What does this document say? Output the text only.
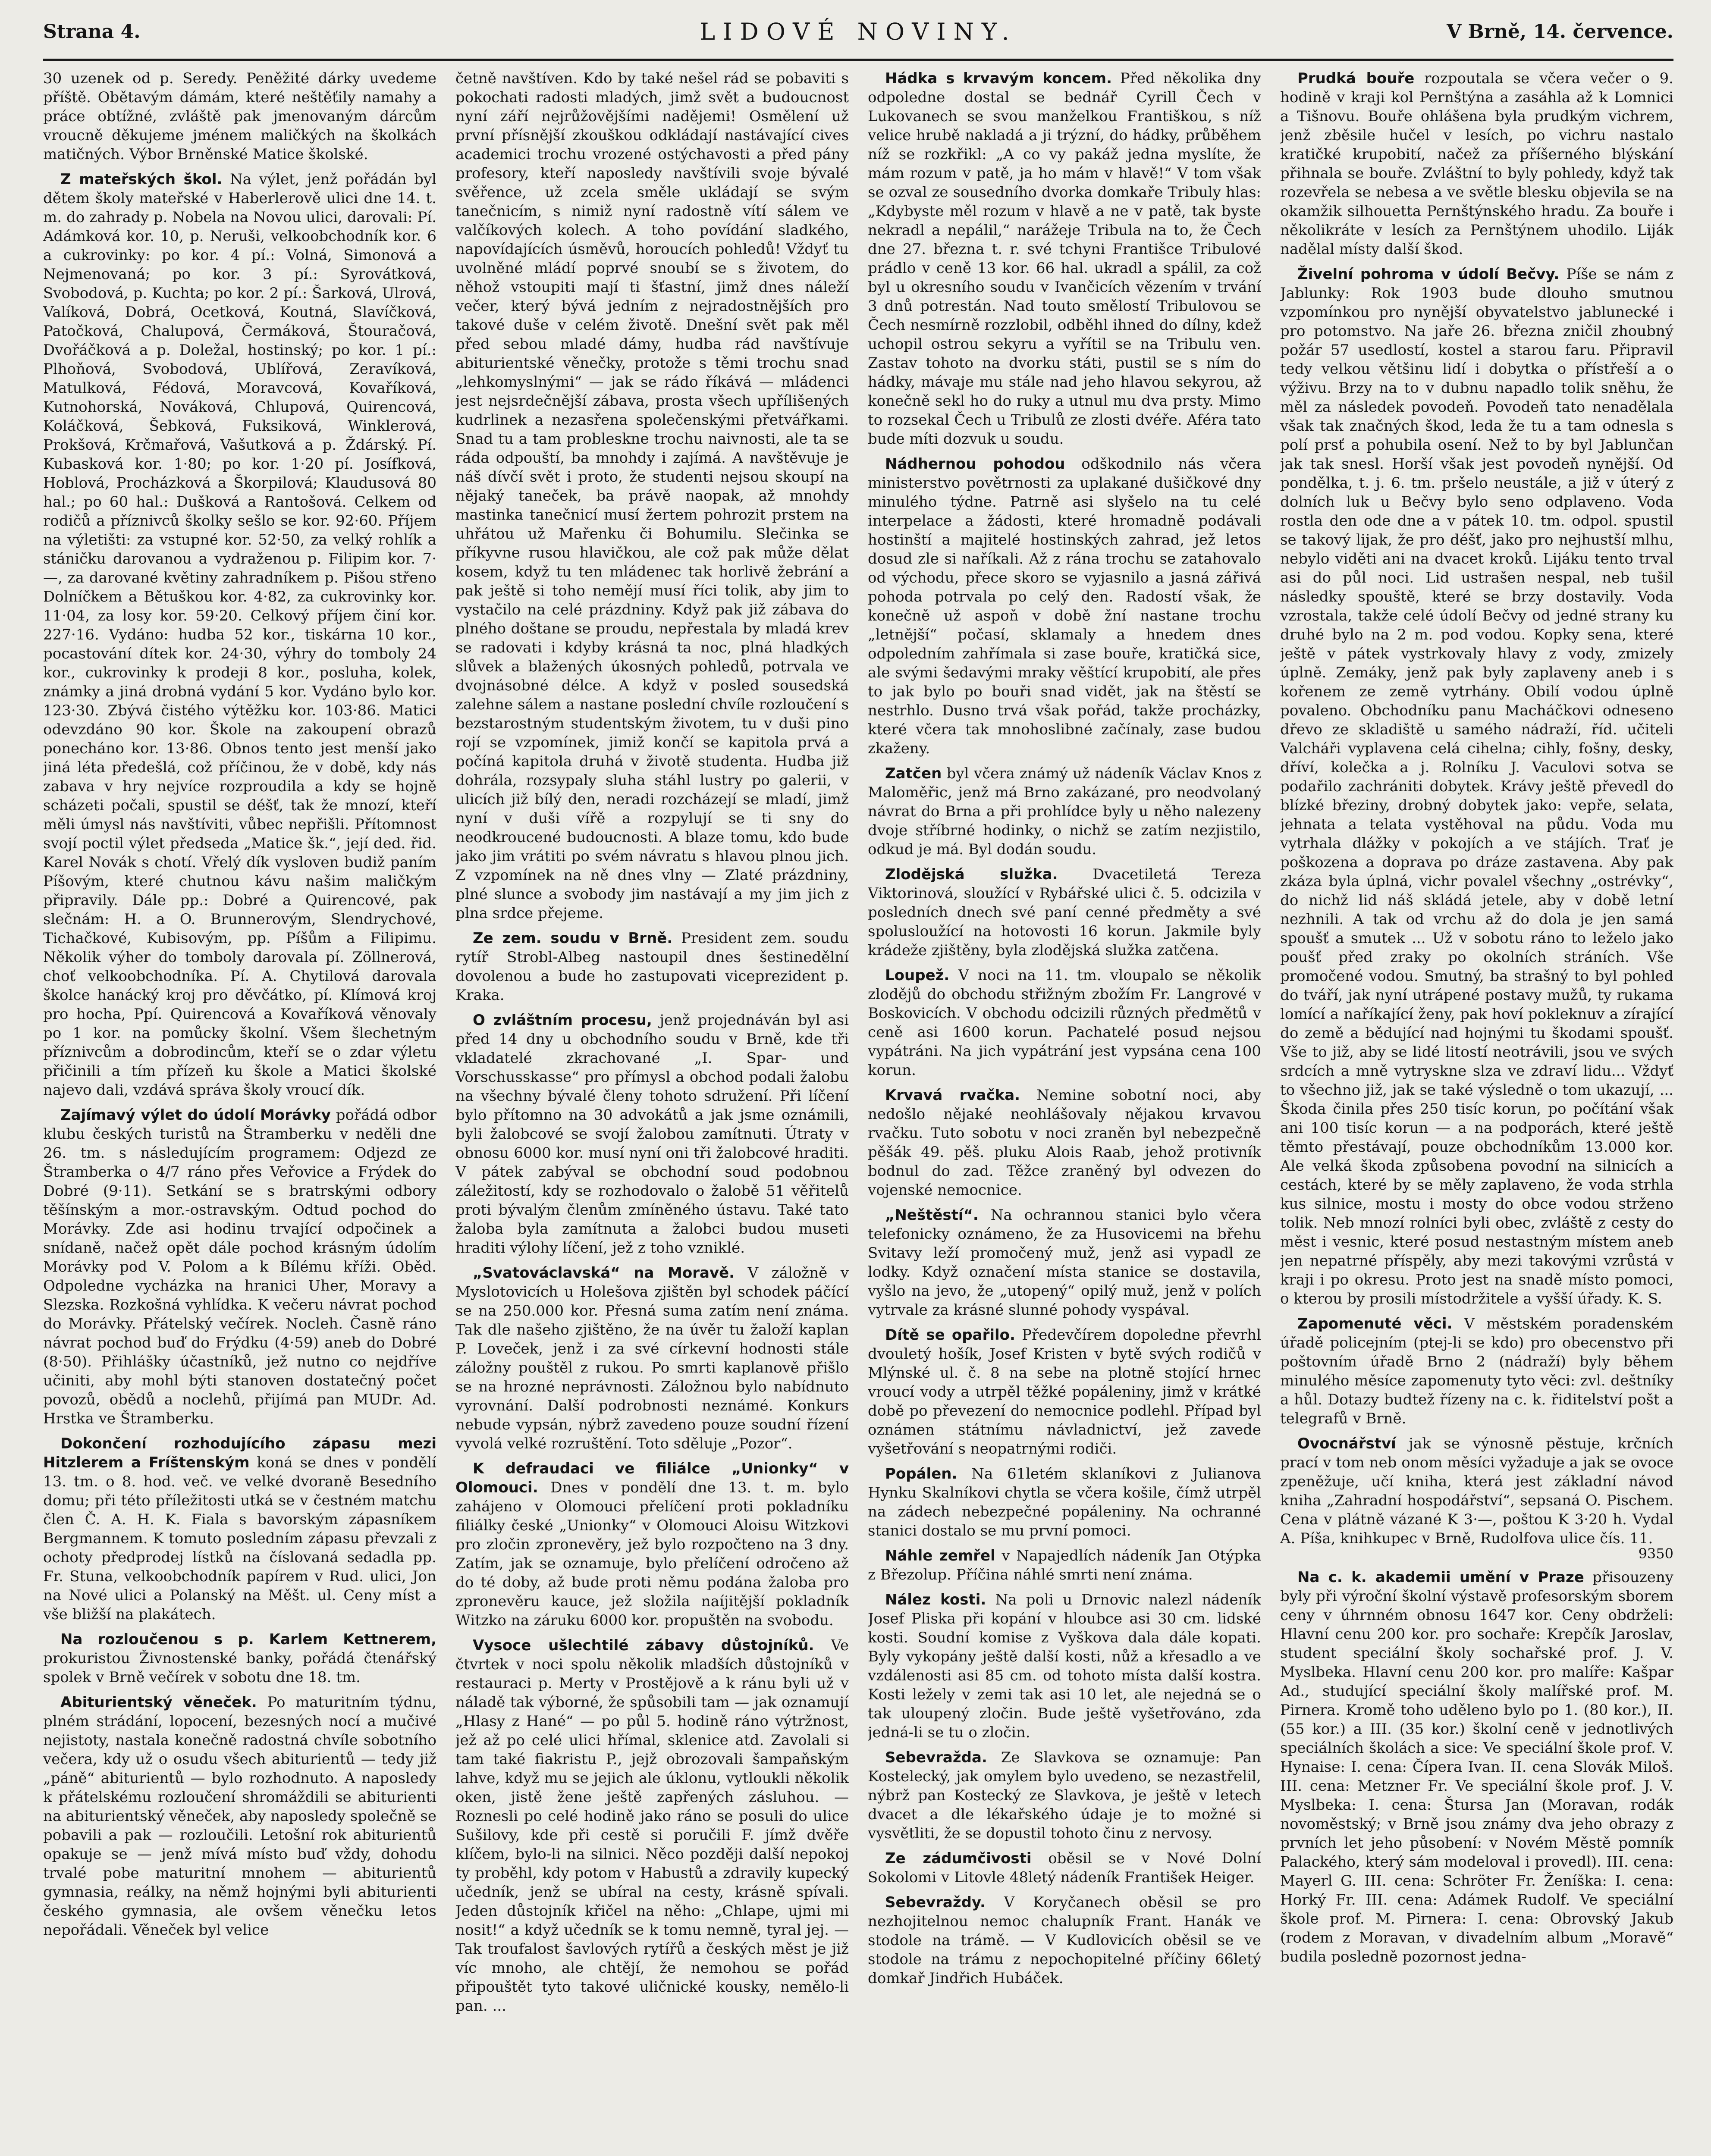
Strana 4.	LIDOVÉ NOVINY.	V Brně, 14. července.

30 uzenek od p. Seredy. Peněžité dárky uvedeme příště. Obětavým dámám, které neštěťily namahy a práce obtížné, zvláště pak jmenovaným dárcům vroucně děkujeme jménem maličkých na školkách matičných. Výbor Brněnské Matice školské.

Z mateřských škol. Na výlet, jenž pořádán byl dětem školy mateřské v Haberlerově ulici dne 14. t. m. do zahrady p. Nobela na Novou ulici, darovali: Pí. Adámková kor. 10, p. Neruši, velkoobchodník kor. 6 a cukrovinky: po kor. 4 pí.: Volná, Simonová a Nejmenovaná; po kor. 3 pí.: Syrovátková, Svobodová, p. Kuchta; po kor. 2 pí.: Šarková, Ulrová, Valíková, Dobrá, Ocetková, Koutná, Slavíčková, Patočková, Chalupová, Čermáková, Štouračová, Dvořáčková a p. Doležal, hostinský; po kor. 1 pí.: Plhoňová, Svobodová, Ublířová, Zeravíková, Matulková, Fédová, Moravcová, Kovaříková, Kutnohorská, Nováková, Chlupová, Quirencová, Koláčková, Šebková, Fuksiková, Winklerová, Prokšová, Krčmařová, Vašutková a p. Ždárský. Pí. Kubasková kor. 1·80; po kor. 1·20 pí. Josífková, Hoblová, Procházková a Škorpilová; Klaudusová 80 hal.; po 60 hal.: Dušková a Rantošová. Celkem od rodičů a příznivců školky sešlo se kor. 92·60. Příjem na výletišti: za vstupné kor. 52·50, za velký rohlík a stáničku darovanou a vydraženou p. Filipim kor. 7·—, za darované květiny zahradníkem p. Pišou střeno Dolníčkem a Bětuškou kor. 4·82, za cukrovinky kor. 11·04, za losy kor. 59·20. Celkový příjem činí kor. 227·16. Vydáno: hudba 52 kor., tiskárna 10 kor., pocastování dítek kor. 24·30, výhry do tomboly 24 kor., cukrovinky k prodeji 8 kor., posluha, kolek, známky a jiná drobná vydání 5 kor. Vydáno bylo kor. 123·30. Zbývá čistého výtěžku kor. 103·86. Matici odevzdáno 90 kor. Škole na zakoupení obrazů ponecháno kor. 13·86. Obnos tento jest menší jako jiná léta předešlá, což příčinou, že v době, kdy nás zabava v hry nejvíce rozproudila a kdy se hojně scházeti počali, spustil se déšť, tak že mnozí, kteří měli úmysl nás navštíviti, vůbec nepřišli. Přítomnost svojí poctil výlet předseda „Matice šk.“, její ded. řid. Karel Novák s chotí. Vřelý dík vysloven budiž paním Píšovým, které chutnou kávu našim maličkým připravily. Dále pp.: Dobré a Quirencové, pak slečnám: H. a O. Brunnerovým, Slendrychové, Tichačkové, Kubisovým, pp. Píšům a Filipimu. Několik výher do tomboly darovala pí. Zöllnerová, choť velkoobchodníka. Pí. A. Chytilová darovala školce hanácký kroj pro děvčátko, pí. Klímová kroj pro hocha, Ppí. Quirencová a Kovaříková věnovaly po 1 kor. na pomůcky školní. Všem šlechetným příznivcům a dobrodincům, kteří se o zdar výletu přičinili a tím přízeň ku škole a Matici školské najevo dali, vzdává správa školy vroucí dík.

Zajímavý výlet do údolí Morávky pořádá odbor klubu českých turistů na Štramberku v neděli dne 26. tm. s následujícím programem: Odjezd ze Štramberka o 4/7 ráno přes Veřovice a Frýdek do Dobré (9·11). Setkání se s bratrskými odbory těšínským a mor.-ostravským. Odtud pochod do Morávky. Zde asi hodinu trvající odpočinek a snídaně, načež opět dále pochod krásným údolím Morávky pod V. Polom a k Bílému kříži. Oběd. Odpoledne vycházka na hranici Uher, Moravy a Slezska. Rozkošná vyhlídka. K večeru návrat pochod do Morávky. Přátelský večírek. Nocleh. Časně ráno návrat pochod buď do Frýdku (4·59) aneb do Dobré (8·50). Přihlášky účastníků, jež nutno co nejdříve učiniti, aby mohl býti stanoven dostatečný počet povozů, obědů a noclehů, přijímá pan MUDr. Ad. Hrstka ve Štramberku.

Dokončení rozhodujícího zápasu mezi Hitzlerem a Fríštenským koná se dnes v pondělí 13. tm. o 8. hod. več. ve velké dvoraně Besedního domu; při této příležitosti utká se v čestném matchu člen Č. A. H. K. Fiala s bavorským zápasníkem Bergmannem. K tomuto posledním zápasu převzali z ochoty předprodej lístků na číslovaná sedadla pp. Fr. Stuna, velkoobchodník papírem v Rud. ulici, Jon na Nové ulici a Polanský na Měšt. ul. Ceny míst a vše bližší na plakátech.

Na rozloučenou s p. Karlem Kettnerem, prokuristou Živnostenské banky, pořádá čtenářský spolek v Brně večírek v sobotu dne 18. tm.

Abiturientský věneček. Po maturitním týdnu, plném strádání, lopocení, bezesných nocí a mučivé nejistoty, nastala konečně radostná chvíle sobotního večera, kdy už o osudu všech abiturientů — tedy již „páně“ abiturientů — bylo rozhodnuto. A naposledy k přátelskému rozloučení shromáždili se abiturienti na abiturientský věneček, aby naposledy společně se pobavili a pak — rozloučili. Letošní rok abiturientů opakuje se — jenž mívá místo buď vždy, dohodu trvalé pobe maturitní mnohem — abiturientů gymnasia, reálky, na němž hojnými byli abiturienti českého gymnasia, ale ovšem věnečku letos nepořádali. Věneček byl velice

četně navštíven. Kdo by také nešel rád se pobaviti s pokochati radosti mladých, jimž svět a budoucnost nyní září nejrůžovějšími nadějemi! Osmělení už první přísnější zkouškou odkládají nastávající cives academici trochu vrozené ostýchavosti a před pány profesory, kteří naposledy navštívili svoje bývalé svěřence, už zcela směle ukládají se svým tanečnicím, s nimiž nyní radostně vítí sálem ve valčíkových kolech. A toho povídání sladkého, napovídajících úsměvů, horoucích pohledů! Vždyť tu uvolněné mládí poprvé snoubí se s životem, do něhož vstoupiti mají ti šťastní, jimž dnes náleží večer, který bývá jedním z nejradostnějších pro takové duše v celém životě. Dnešní svět pak měl před sebou mladé dámy, hudba rád navštívuje abiturientské věnečky, protože s těmi trochu snad „lehkomyslnými“ — jak se rádo říkává — mládenci jest nejsrdečnější zábava, prosta všech upřílišených kudrlinek a nezasřena společenskými přetvářkami. Snad tu a tam problesknе trochu naivnosti, ale ta se ráda odpouští, ba mnohdy i zajímá. A navštěvuje je náš dívčí svět i proto, že studenti nejsou skoupí na nějaký taneček, ba právě naopak, až mnohdy mastinka tanečnicí musí žertem pohrozit prstem na uhřátou už Mařenku či Bohumilu. Slečinka se příkyvne rusou hlavičkou, ale což pak může dělat kosem, když tu ten mládenec tak horlivě žebrání a pak ještě si toho nemějí musí říci tolik, aby jim to vystačilo na celé prázdniny. Když pak již zábava do plného doštane se proudu, nepřestala by mladá krev se radovati i kdyby krásná ta noc, plná hladkých slůvek a blažených úkosných pohledů, potrvala ve dvojnásobné délce. A když v posled sousedská zalehne sálem a nastane poslední chvíle rozloučení s bezstarostným studentským životem, tu v duši pino rojí se vzpomínek, jimiž končí se kapitola prvá a počíná kapitola druhá v životě studenta. Hudba již dohrála, rozsypaly sluha stáhl lustry po galerii, v ulicích již bílý den, neradi rozcházejí se mladí, jimž nyní v duši vířě a rozpylují se ti sny do neodkroucené budoucnosti. A blaze tomu, kdo bude jako jim vrátiti po svém návratu s hlavou plnou jich. Z vzpomínek na ně dnes vlny — Zlaté prázdniny, plné slunce a svobody jim nastávají a my jim jich z plna srdce přejeme.

Ze zem. soudu v Brně. President zem. soudu rytíř Strobl-Albeg nastoupil dnes šestinedělní dovolenou a bude ho zastupovati viceprezident p. Kraka.

O zvláštním procesu, jenž projednáván byl asi před 14 dny u obchodního soudu v Brně, kde tři vkladatelé zkrachované „I. Spar- und Vorschusskasse“ pro přímysl a obchod podali žalobu na všechny bývalé členy tohoto sdružení. Při líčení bylo přítomno na 30 advokátů a jak jsme oznámili, byli žalobcové se svojí žalobou zamítnuti. Útraty v obnosu 6000 kor. musí nyní oni tři žalobcové hraditi. V pátek zabýval se obchodní soud podobnou záležitostí, kdy se rozhodovalo o žalobě 51 věřitelů proti bývalým členům zmíněného ústavu. Také tato žaloba byla zamítnuta a žalobci budou museti hraditi výlohy líčení, jež z toho vzniklé.

„Svatováclavská“ na Moravě. V záložně v Myslotovicích u Holešova zjištěn byl schodek páčící se na 250.000 kor. Přesná suma zatím není známa. Tak dle našeho zjištěno, že na úvěr tu žaloží kaplan P. Loveček, jenž i za své církevní hodnosti stále záložny pouštěl z rukou. Po smrti kaplanově přišlo se na hrozné neprávnosti. Záložnou bylo nabídnuto vyrovnání. Další podrobnosti neznámé. Konkurs nebude vypsán, nýbrž zavedeno pouze soudní řízení vyvolá velké rozruštění. Toto sděluje „Pozor“.

K defraudaci ve filiálce „Unionky“ v Olomouci. Dnes v pondělí dne 13. t. m. bylo zahájeno v Olomouci přelíčení proti pokladníku filiálky české „Unionky“ v Olomouci Aloisu Witzkovi pro zločin zpronevěry, jež bylo rozpočteno na 3 dny. Zatím, jak se oznamuje, bylo přelíčení odročeno až do té doby, až bude proti němu podána žaloba pro zpronevěru kauce, jež složila naíjitější pokladník Witzko na záruku 6000 kor. propuštěn na svobodu.

Vysoce ušlechtilé zábavy důstojníků. Ve čtvrtek v noci spolu několik mladších důstojníků v restauraci p. Merty v Prostějově a k ránu byli už v náladě tak výborné, že spůsobili tam — jak oznamují „Hlasy z Hané“ — po půl 5. hodině ráno výtržnost, jež až po celé ulici hřímal, sklenice atd. Zavolali si tam také fiakristu P., jejž obrozovali šampaňským lahve, když mu se jejich ale úklonu, vytloukli několik oken, jistě žene ještě zapřených zásluhou. — Roznesli po celé hodině jako ráno se posuli do ulice Sušilovy, kde při cestě si poručili F. jímž dvěře klíčem, bylo-li na silnici. Něco později další nepokoj ty proběhl, kdy potom v Habustů a zdravily kupecký učedník, jenž se ubíral na cesty, krásně spívali. Jeden důstojník křičel na něho: „Chlape, ujmi mi nosit!“ a když učedník se k tomu nemně, tyral jej. — Tak troufalost šavlových rytířů a českých měst je již víc mnoho, ale chtějí, že nemohou se pořád připouštět tyto takové uličnické kousky, nemělo-li pan. ...

Hádka s krvavým koncem. Před několika dny odpoledne dostal se bednář Cyrill Čech v Lukovanech se svou manželkou Františkou, s níž velice hrubě nakladá a ji trýzní, do hádky, průběhem níž se rozkřikl: „A co vy pakáž jedna myslíte, že mám rozum v patě, ja ho mám v hlavě!“ V tom však se ozval ze sousedního dvorka domkaře Tribuly hlas: „Kdybyste měl rozum v hlavě a ne v patě, tak byste nekradl a nepálil,“ narážeje Tribula na to, že Čech dne 27. března t. r. své tchyni Františce Tribulové prádlo v ceně 13 kor. 66 hal. ukradl a spálil, za což byl u okresního soudu v Ivančicích vězením v trvání 3 dnů potrestán. Nad touto smělostí Tribulovou se Čech nesmírně rozzlobil, odběhl ihned do dílny, kdež uchopil ostrou sekyru a vyřítil se na Tribulu ven. Zastav tohoto na dvorku státi, pustil se s ním do hádky, mávaje mu stále nad jeho hlavou sekyrou, až konečně sekl ho do ruky a utnul mu dva prsty. Mimo to rozsekal Čech u Tribulů ze zlosti dvéře. Aféra tato bude míti dozvuk u soudu.

Nádhernou pohodou odškodnilo nás včera ministerstvo povětrnosti za uplakané dušičkové dny minulého týdne. Patrně asi slyšelo na tu celé interpelace a žádosti, které hromadně podávali hostinští a majitelé hostinských zahrad, jež letos dosud zle si naříkali. Až z rána trochu se zatahovalo od východu, přece skoro se vyjasnilo a jasná zářivá pohoda potrvala po celý den. Radostí však, že konečně už aspoň v době žní nastane trochu „letnější“ počasí, sklamaly a hnedem dnes odpoledním zahřímala si zase bouře, kratičká sice, ale svými šedavými mraky věštící krupobití, ale přes to jak bylo po bouři snad vidět, jak na štěstí se nestrhlo. Dusno trvá však pořád, takže procházky, které včera tak mnohoslibné začínaly, zase budou zkaženy.

Zatčen byl včera známý už nádeník Václav Knos z Maloměřic, jenž má Brno zakázané, pro neodvolaný návrat do Brna a při prohlídce byly u něho nalezeny dvoje stříbrné hodinky, o nichž se zatím nezjistilo, odkud je má. Byl dodán soudu.

Zlodějská služka. Dvacetiletá Tereza Viktorinová, sloužící v Rybářské ulici č. 5. odcizila v posledních dnech své paní cenné předměty a své spolusloužící na hotovosti 16 korun. Jakmile byly krádeže zjištěny, byla zlodějská služka zatčena.

Loupež. V noci na 11. tm. vloupalo se několik zlodějů do obchodu střižným zbožím Fr. Langrové v Boskovicích. V obchodu odcizili různých předmětů v ceně asi 1600 korun. Pachatelé posud nejsou vypátráni. Na jich vypátrání jest vypsána cena 100 korun.

Krvavá rvačka. Nemine sobotní noci, aby nedošlo nějaké neohlášovaly nějakou krvavou rvačku. Tuto sobotu v noci zraněn byl nebezpečně pěšák 49. pěš. pluku Alois Raab, jehož protivník bodnul do zad. Těžce zraněný byl odvezen do vojenské nemocnice.

„Neštěstí“. Na ochrannou stanici bylo včera telefonicky oznámeno, že za Husovicemi na břehu Svitavy leží promočený muž, jenž asi vypadl ze lodky. Když označení místa stanice se dostavila, vyšlo na jevo, že „utopený“ opilý muž, jenž v polích vytrvale za krásné slunné pohody vyspával.

Dítě se opařilo. Předevčírem dopoledne převrhl dvouletý hošík, Josef Kristen v bytě svých rodičů v Mlýnské ul. č. 8 na sebe na plotně stojící hrnec vroucí vody a utrpěl těžké popáleniny, jimž v krátké době po převezení do nemocnice podlehl. Případ byl oznámen státnímu návladnictví, jež zavede vyšetřování s neopatrnými rodiči.

Popálen. Na 61letém sklaníkovi z Julianova Hynku Skalníkovi chytla se včera košile, čímž utrpěl na zádech nebezpečné popáleniny. Na ochranné stanici dostalo se mu první pomoci.

Náhle zemřel v Napajedlích nádeník Jan Otýpka z Březolup. Příčina náhlé smrti není známa.

Nález kosti. Na poli u Drnovic nalezl nádeník Josef Pliska při kopání v hloubce asi 30 cm. lidské kosti. Soudní komise z Vyškova dala dále kopati. Byly vykopány ještě další kosti, nůž a křesadlo a ve vzdálenosti asi 85 cm. od tohoto místa další kostra. Kosti ležely v zemi tak asi 10 let, ale nejedná se o tak uloupený zločin. Bude ještě vyšetřováno, zda jedná-li se tu o zločin.

Sebevražda. Ze Slavkova se oznamuje: Pan Kostelecký, jak omylem bylo uvedeno, se nezastřelil, nýbrž pan Kostecký ze Slavkova, je ještě v letech dvacet a dle lékařského údaje je to možné si vysvětliti, že se dopustil tohoto činu z nervosy.

Ze zádumčivosti oběsil se v Nové Dolní Sokolomi v Litovle 48letý nádeník František Heiger.

Sebevraždy. V Koryčanech oběsil se pro nezhojitelnou nemoc chalupník Frant. Hanák ve stodole na trámě. — V Kudlovicích oběsil se ve stodole na trámu z nepochopitelné příčiny 66letý domkař Jindřich Hubáček.

Prudká bouře rozpoutala se včera večer o 9. hodině v kraji kol Pernštýna a zasáhla až k Lomnici a Tišnovu. Bouře ohlášena byla prudkým vichrem, jenž zběsile hučel v lesích, po vichru nastalo kratičké krupobití, načež za příšerného blýskání přihnala se bouře. Zvláštní to byly pohledy, když tak rozevřela se nebesa a ve světle blesku objevila se na okamžik silhouetta Pernštýnského hradu. Za bouře i několikráte v lesích za Pernštýnem uhodilo. Liják nadělal místy další škod.

Živelní pohroma v údolí Bečvy. Píše se nám z Jablunky: Rok 1903 bude dlouho smutnou vzpomínkou pro nynější obyvatelstvo jablunecké i pro potomstvo. Na jaře 26. března zničil zhoubný požár 57 usedlostí, kostel a starou faru. Připravil tedy velkou většinu lidí i dobytka o přístřeší a o výživu. Brzy na to v dubnu napadlo tolik sněhu, že měl za následek povodeň. Povodeň tato nenadělala však tak značných škod, leda že tu a tam odnesla s polí prsť a pohubila osení. Než to by byl Jablunčan jak tak snesl. Horší však jest povodeň nynější. Od pondělka, t. j. 6. tm. pršelo neustále, a již v úterý z dolních luk u Bečvy bylo seno odplaveno. Voda rostla den ode dne a v pátek 10. tm. odpol. spustil se takový lijak, že pro déšť, jako pro nejhustší mlhu, nebylo viděti ani na dvacet kroků. Lijáku tento trval asi do půl noci. Lid ustrašen nespal, neb tušil následky spouště, které se brzy dostavily. Voda vzrostala, takže celé údolí Bečvy od jedné strany ku druhé bylo na 2 m. pod vodou. Kopky sena, které ještě v pátek vystrkovaly hlavy z vody, zmizely úplně. Zemáky, jenž pak byly zaplaveny aneb i s kořenem ze země vytrhány. Obilí vodou úplně povaleno. Obchodníku panu Macháčkovi odneseno dřevo ze skladiště u samého nádraží, říd. učiteli Valcháři vyplavena celá cihelna; cihly, fošny, desky, dříví, kolečka a j. Rolníku J. Vaculovi sotva se podařilo zachrániti dobytek. Krávy ještě převedl do blízké březiny, drobný dobytek jako: vepře, selata, jehnata a telata vystěhoval na půdu. Voda mu vytrhala dlážky v pokojích a ve stájích. Trať je poškozena a doprava po dráze zastavena. Aby pak zkáza byla úplná, vichr povalel všechny „ostrévky“, do nichž lid náš skládá jetele, aby v době letní nezhnili. A tak od vrchu až do dola je jen samá spoušť a smutek ... Už v sobotu ráno to leželo jako poušť před zraky po okolních stráních. Vše promočené vodou. Smutný, ba strašný to byl pohled do tváří, jak nyní utrápené postavy mužů, ty rukama lomící a naříkající ženy, pak hoví pokleknuv a zírající do země a bědující nad hojnými tu škodami spoušť. Vše to již, aby se lidé litostí neotrávili, jsou ve svých srdcích a mně vytryskne slza ve zdraví lidu... Vždyť to všechno již, jak se také výsledně o tom ukazují, ... Škoda činila přes 250 tisíc korun, po počítání však ani 100 tisíc korun — a na podporách, které ještě těmto přestávají, pouze obchodníkům 13.000 kor. Ale velká škoda způsobena povodní na silnicích a cestách, které by se měly zaplaveno, že voda strhla kus silnice, mostu i mosty do obce vodou strženo tolik. Neb mnozí rolníci byli obec, zvláště z cesty do měst i vesnic, které posud nestastným místem aneb jen nepatrné příspěly, aby mezi takovými vzrůstá v kraji i po okresu. Proto jest na snadě místo pomoci, o kterou by prosili místodržitele a vyšší úřady. K. S.

Zapomenuté věci. V městském poradenském úřadě policejním (ptej-li se kdo) pro obecenstvo při poštovním úřadě Brno 2 (nádraží) byly během minulého měsíce zapomenuty tyto věci: zvl. deštníky a hůl. Dotazy budtež řízeny na c. k. řiditelství pošt a telegrafů v Brně.

Ovocnářství jak se výnosně pěstuje, krčních prací v tom neb onom měsíci vyžaduje a jak se ovoce zpeněžuje, učí kniha, která jest základní návod kniha „Zahradní hospodářství“, sepsaná O. Pischem. Cena v plátně vázané K 3·—, poštou K 3·20 h. Vydal A. Píša, knihkupec v Brně, Rudolfova ulice čís. 11.

9350

Na c. k. akademii umění v Praze přisouzeny byly při výroční školní výstavě profesorským sborem ceny v úhrnném obnosu 1647 kor. Ceny obdrželi: Hlavní cenu 200 kor. pro sochaře: Krepčík Jaroslav, student speciální školy sochařské prof. J. V. Myslbeka. Hlavní cenu 200 kor. pro malíře: Kašpar Ad., studující speciální školy malířské prof. M. Pirnera. Kromě toho uděleno bylo po 1. (80 kor.), II. (55 kor.) a III. (35 kor.) školní ceně v jednotlivých speciálních školách a sice: Ve speciální škole prof. V. Hynaise: I. cena: Čípera Ivan. II. cena Slovák Miloš. III. cena: Metzner Fr. Ve speciální škole prof. J. V. Myslbeka: I. cena: Štursa Jan (Moravan, rodák novoměstský; v Brně jsou známy dva jeho obrazy z prvních let jeho působení: v Novém Městě pomník Palackého, který sám modeloval i provedl). III. cena: Mayerl G. III. cena: Schröter Fr. Ženíška: I. cena: Horký Fr. III. cena: Adámek Rudolf. Ve speciální škole prof. M. Pirnera: I. cena: Obrovský Jakub (rodem z Moravan, v divadelním album „Moravě“ budila posledně pozornost jedna-
